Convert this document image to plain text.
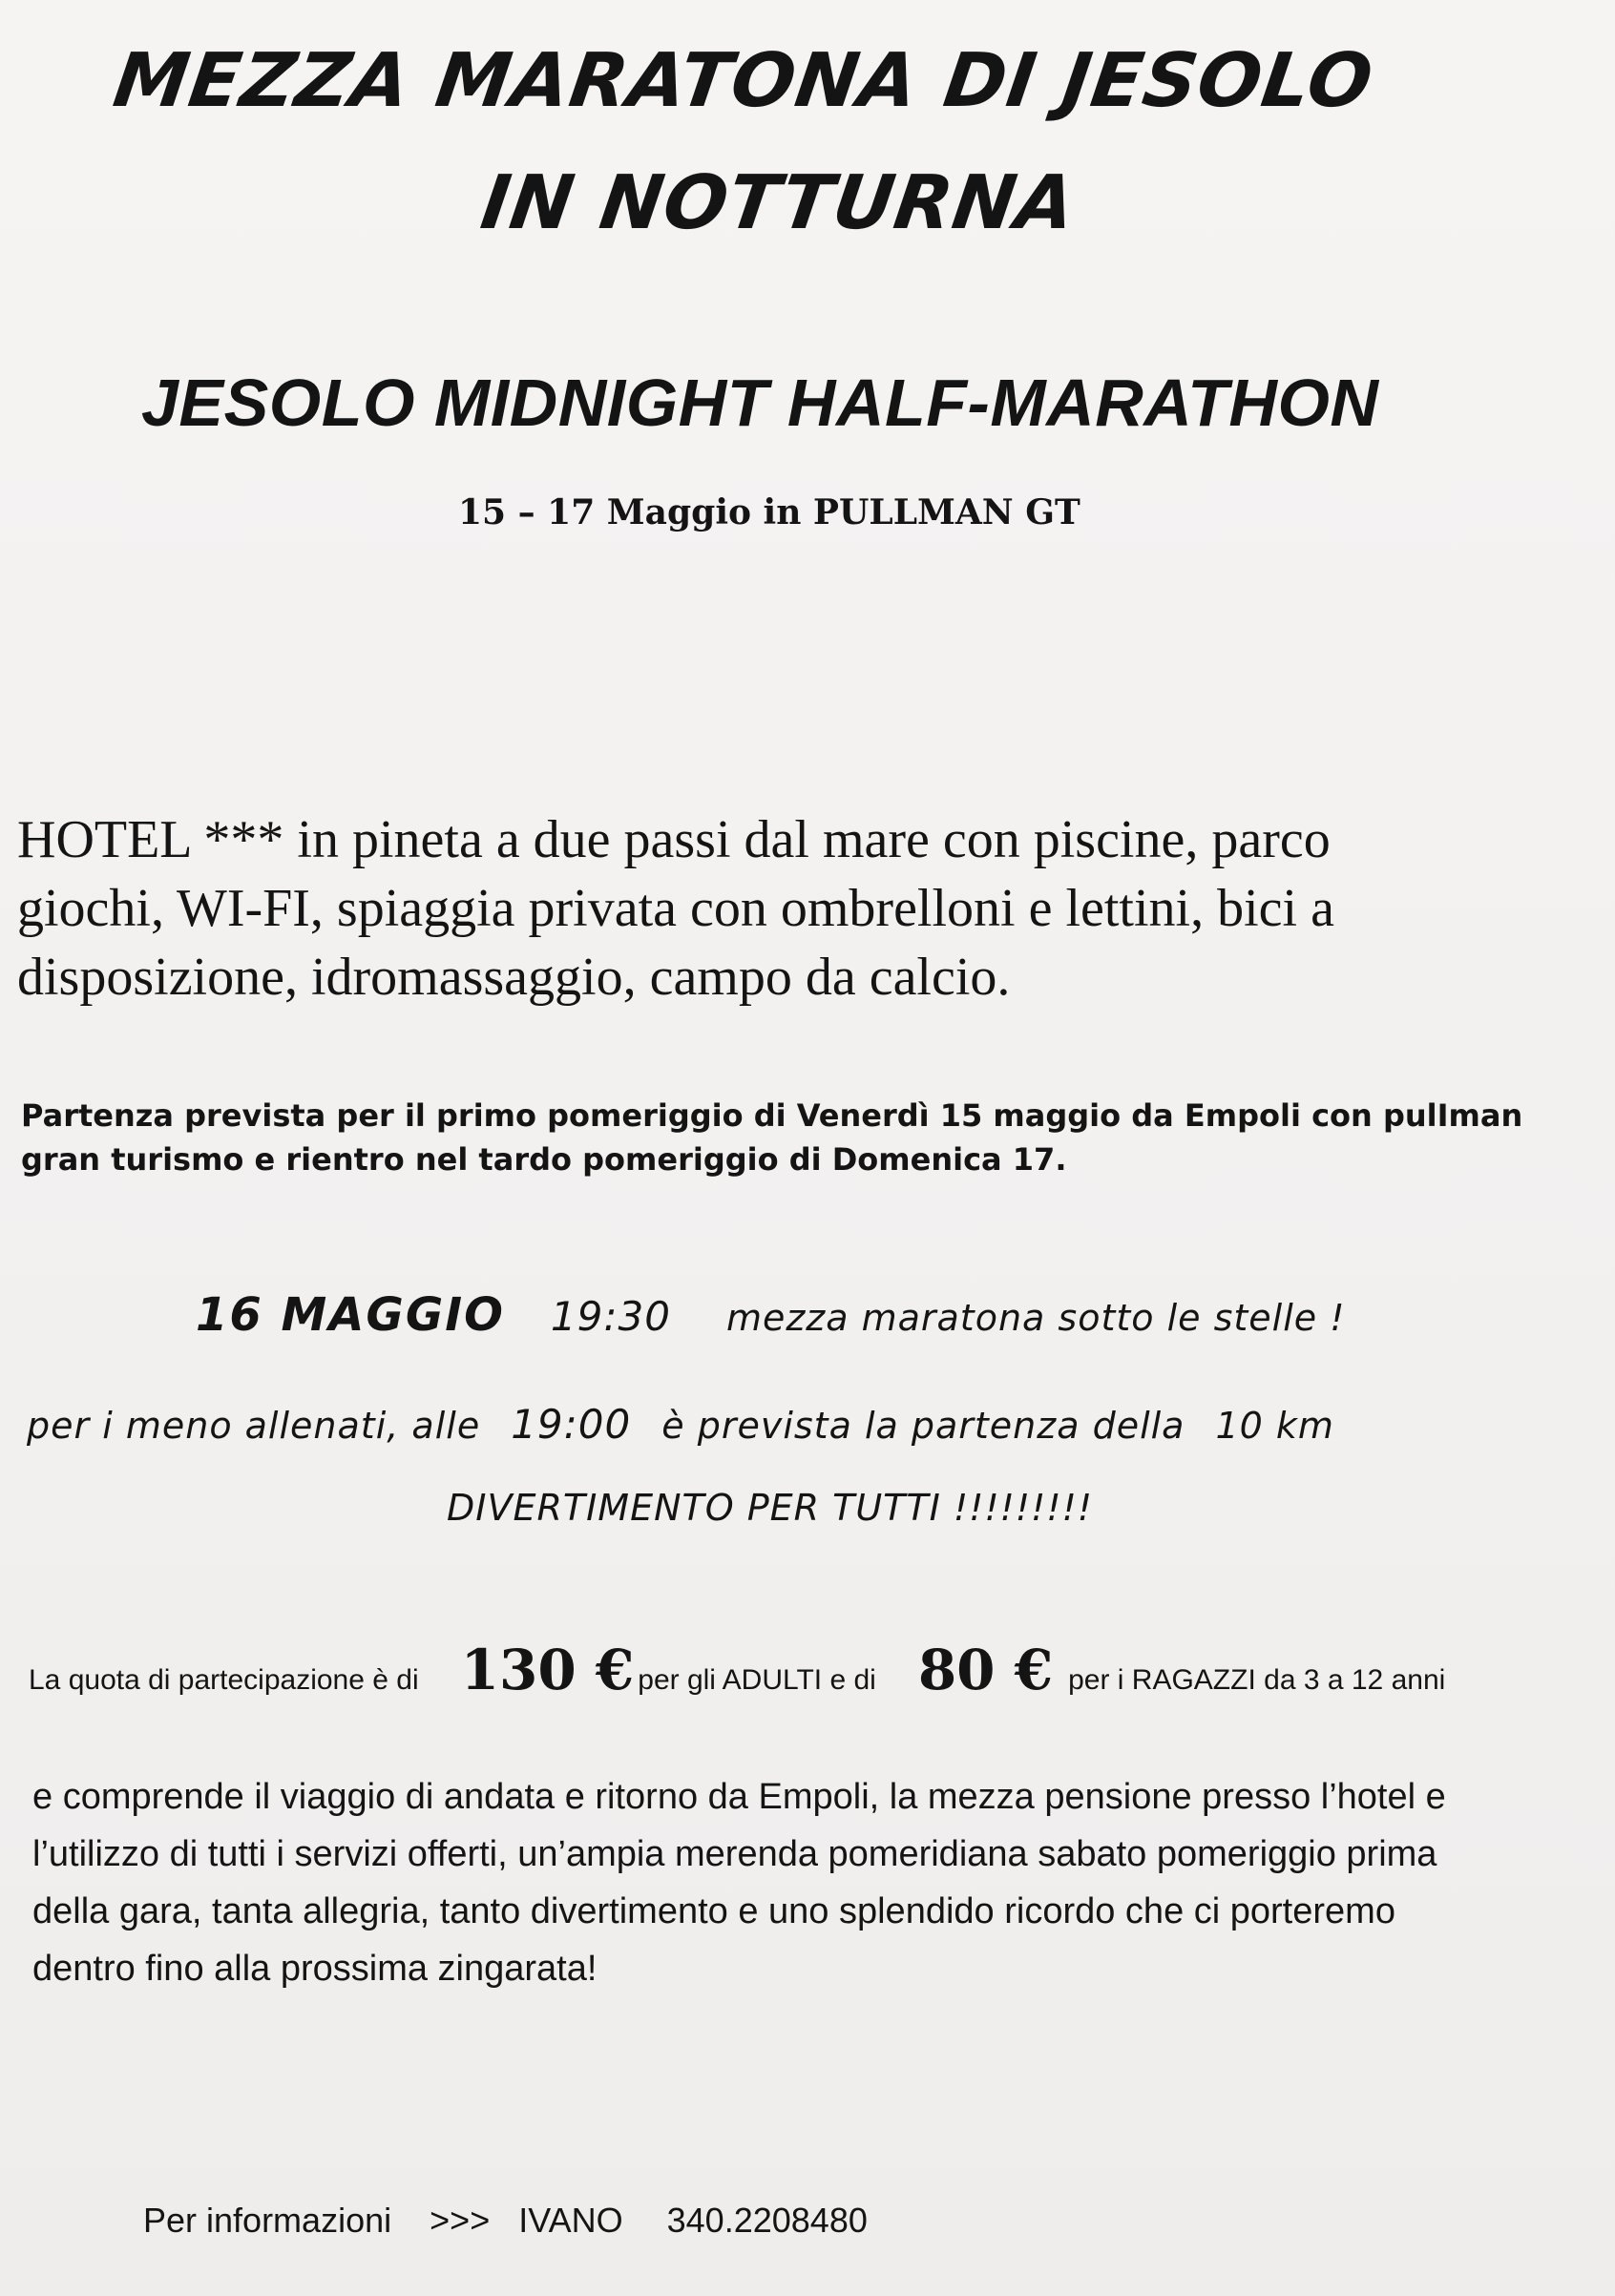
MEZZA MARATONA DI JESOLO
IN NOTTURNA
JESOLO MIDNIGHT HALF-MARATHON
15 – 17 Maggio in PULLMAN GT
HOTEL *** in pineta a due passi dal mare con piscine, parco
giochi, WI-FI, spiaggia privata con ombrelloni e lettini, bici a
disposizione, idromassaggio, campo da calcio.
Partenza prevista per il primo pomeriggio di Venerdì 15 maggio da Empoli con pulIman
gran turismo e rientro nel tardo pomeriggio di Domenica 17.
16 MAGGIO 19:30 mezza maratona sotto le stelle !
per i meno allenati, alle 19:00 è prevista la partenza della 10 km
DIVERTIMENTO PER TUTTI !!!!!!!!!
La quota di partecipazione è di 130 € per gli ADULTI e di 80 € per i RAGAZZI da 3 a 12 anni
e comprende il viaggio di andata e ritorno da Empoli, la mezza pensione presso l’hotel e
l’utilizzo di tutti i servizi offerti, un’ampia merenda pomeridiana sabato pomeriggio prima
della gara, tanta allegria, tanto divertimento e uno splendido ricordo che ci porteremo
dentro fino alla prossima zingarata!
Per informazioni >>> IVANO 340.2208480
